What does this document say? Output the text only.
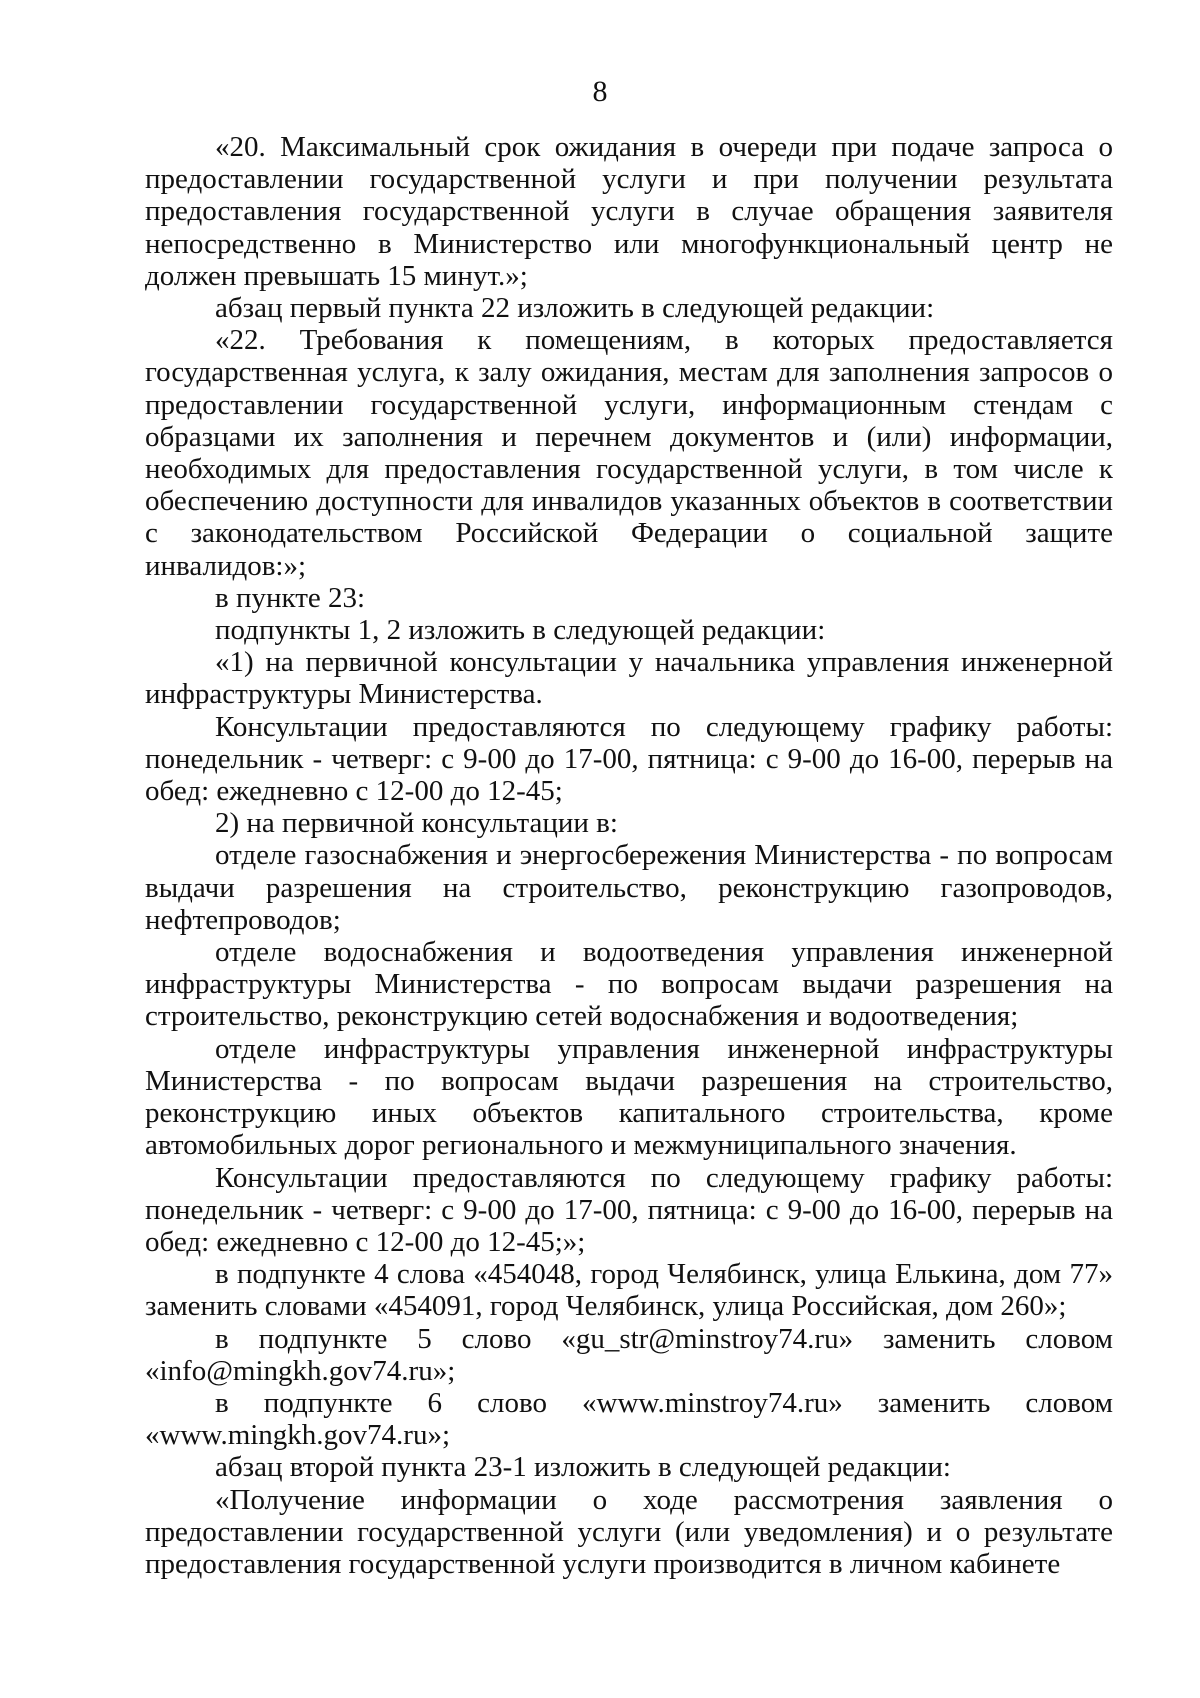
8

«20. Максимальный срок ожидания в очереди при подаче запроса о предоставлении государственной услуги и при получении результата предоставления государственной услуги в случае обращения заявителя непосредственно в Министерство или многофункциональный центр не должен превышать 15 минут.»;

абзац первый пункта 22 изложить в следующей редакции:

«22. Требования к помещениям, в которых предоставляется государственная услуга, к залу ожидания, местам для заполнения запросов о предоставлении государственной услуги, информационным стендам с образцами их заполнения и перечнем документов и (или) информации, необходимых для предоставления государственной услуги, в том числе к обеспечению доступности для инвалидов указанных объектов в соответствии с законодательством Российской Федерации о социальной защите инвалидов:»;

в пункте 23:

подпункты 1, 2 изложить в следующей редакции:

«1) на первичной консультации у начальника управления инженерной инфраструктуры Министерства.

Консультации предоставляются по следующему графику работы: понедельник - четверг: с 9-00 до 17-00, пятница: с 9-00 до 16-00, перерыв на обед: ежедневно с 12-00 до 12-45;

2) на первичной консультации в:

отделе газоснабжения и энергосбережения Министерства - по вопросам выдачи разрешения на строительство, реконструкцию газопроводов, нефтепроводов;

отделе водоснабжения и водоотведения управления инженерной инфраструктуры Министерства - по вопросам выдачи разрешения на строительство, реконструкцию сетей водоснабжения и водоотведения;

отделе инфраструктуры управления инженерной инфраструктуры Министерства - по вопросам выдачи разрешения на строительство, реконструкцию иных объектов капитального строительства, кроме автомобильных дорог регионального и межмуниципального значения.

Консультации предоставляются по следующему графику работы: понедельник - четверг: с 9-00 до 17-00, пятница: с 9-00 до 16-00, перерыв на обед: ежедневно с 12-00 до 12-45;»;

в подпункте 4 слова «454048, город Челябинск, улица Елькина, дом 77» заменить словами «454091, город Челябинск, улица Российская, дом 260»;

в подпункте 5 слово «gu_str@minstroy74.ru» заменить словом «info@mingkh.gov74.ru»;

в подпункте 6 слово «www.minstroy74.ru» заменить словом «www.mingkh.gov74.ru»;

абзац второй пункта 23-1 изложить в следующей редакции:

«Получение информации о ходе рассмотрения заявления о предоставлении государственной услуги (или уведомления) и о результате предоставления государственной услуги производится в личном кабинете
